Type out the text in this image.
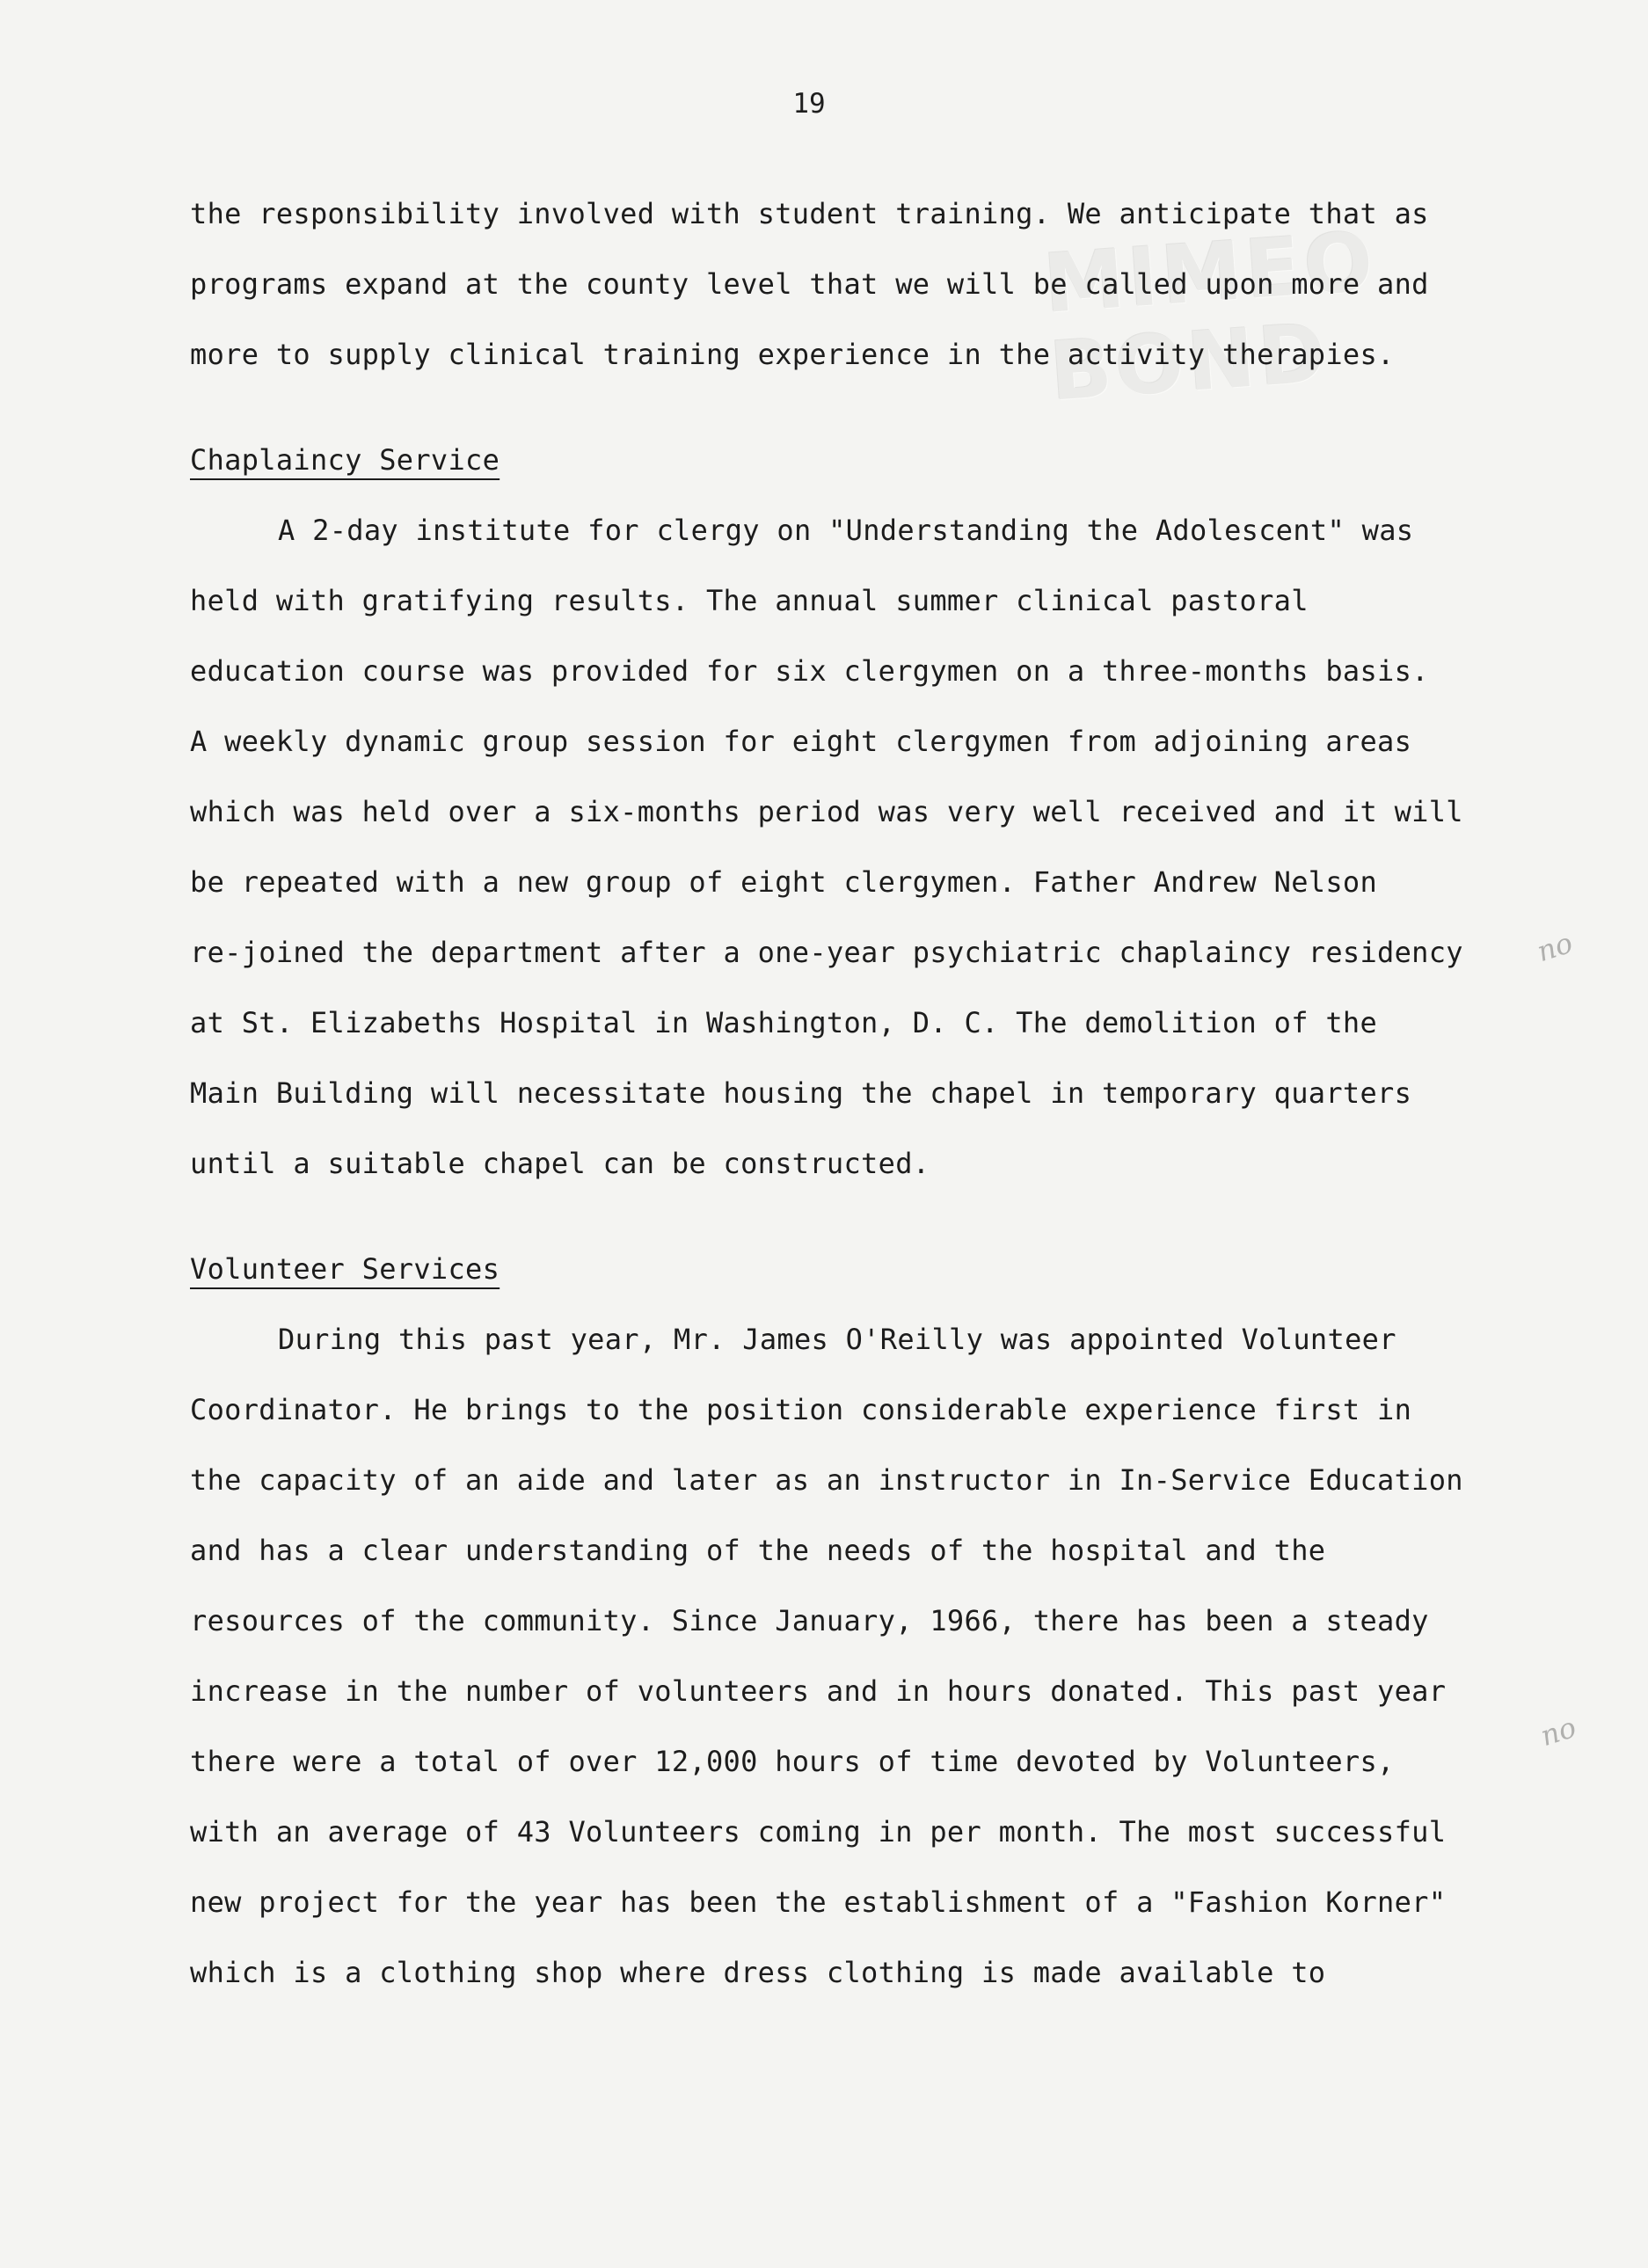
MIMEO BOND
19
the responsibility involved with student training. We anticipate that as
programs expand at the county level that we will be called upon more and
more to supply clinical training experience in the activity therapies.
Chaplaincy Service
A 2-day institute for clergy on "Understanding the Adolescent" was
held with gratifying results. The annual summer clinical pastoral
education course was provided for six clergymen on a three-months basis.
A weekly dynamic group session for eight clergymen from adjoining areas
which was held over a six-months period was very well received and it will
be repeated with a new group of eight clergymen. Father Andrew Nelson
re-joined the department after a one-year psychiatric chaplaincy residency
at St. Elizabeths Hospital in Washington, D. C. The demolition of the
Main Building will necessitate housing the chapel in temporary quarters
until a suitable chapel can be constructed.
Volunteer Services
During this past year, Mr. James O'Reilly was appointed Volunteer
Coordinator. He brings to the position considerable experience first in
the capacity of an aide and later as an instructor in In-Service Education
and has a clear understanding of the needs of the hospital and the
resources of the community. Since January, 1966, there has been a steady
increase in the number of volunteers and in hours donated. This past year
there were a total of over 12,000 hours of time devoted by Volunteers,
with an average of 43 Volunteers coming in per month. The most successful
new project for the year has been the establishment of a "Fashion Korner"
which is a clothing shop where dress clothing is made available to
no
no
